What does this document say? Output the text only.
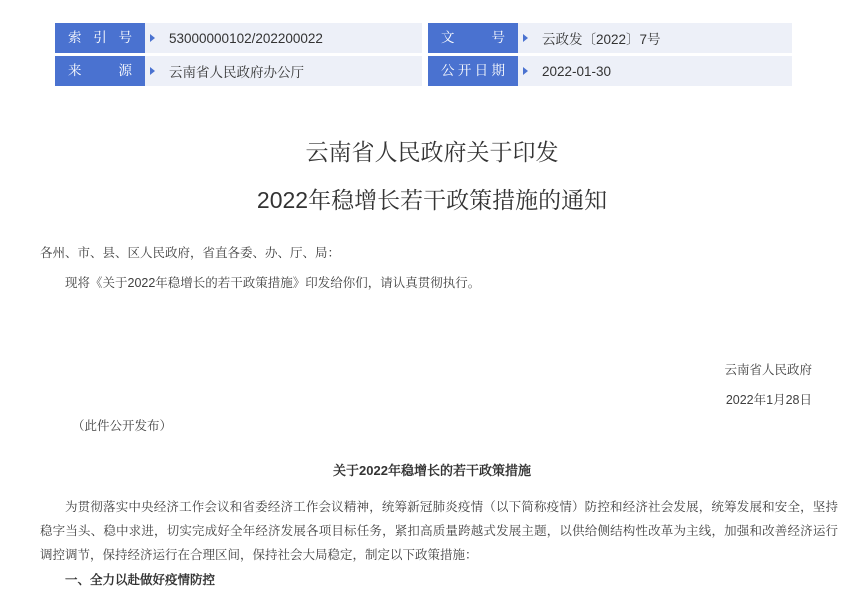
索引号	53000000102/202200022	文号	云政发〔2022〕7号
来源	云南省人民政府办公厅	公开日期	2022-01-30
云南省人民政府关于印发
2022年稳增长若干政策措施的通知
各州、市、县、区人民政府，省直各委、办、厅、局：
现将《关于2022年稳增长的若干政策措施》印发给你们，请认真贯彻执行。
云南省人民政府
2022年1月28日
（此件公开发布）
关于2022年稳增长的若干政策措施
为贯彻落实中央经济工作会议和省委经济工作会议精神，统筹新冠肺炎疫情（以下简称疫情）防控和经济社会发展，统筹发展和安全，坚持稳字当头、稳中求进，切实完成好全年经济发展各项目标任务，紧扣高质量跨越式发展主题，以供给侧结构性改革为主线，加强和改善经济运行调控调节，保持经济运行在合理区间，保持社会大局稳定，制定以下政策措施：
一、全力以赴做好疫情防控
